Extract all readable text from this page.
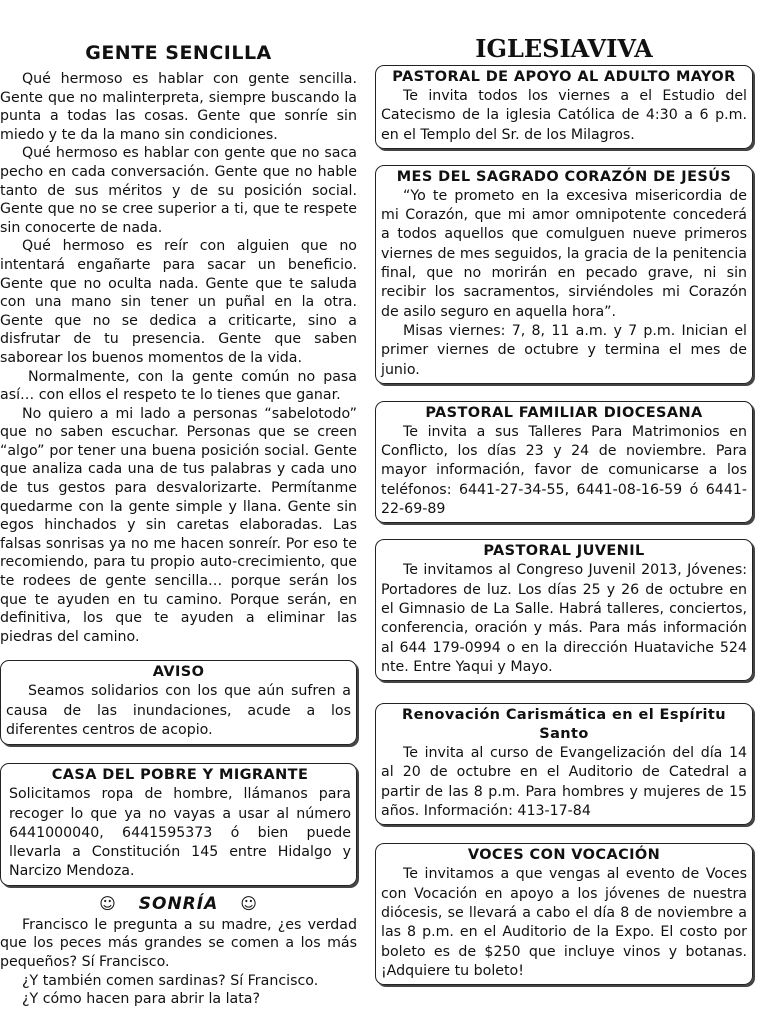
GENTE SENCILLA

Qué hermoso es hablar con gente sencilla. Gente que no malinterpreta, siempre buscando la punta a todas las cosas. Gente que sonríe sin miedo y te da la mano sin condiciones.

Qué hermoso es hablar con gente que no saca pecho en cada conversación. Gente que no hable tanto de sus méritos y de su posición social. Gente que no se cree superior a ti, que te respete sin conocerte de nada.

Qué hermoso es reír con alguien que no intentará engañarte para sacar un beneficio. Gente que no oculta nada. Gente que te saluda con una mano sin tener un puñal en la otra. Gente que no se dedica a criticarte, sino a disfrutar de tu presencia. Gente que saben saborear los buenos momentos de la vida.

Normalmente, con la gente común no pasa así… con ellos el respeto te lo tienes que ganar.

No quiero a mi lado a personas “sabelotodo” que no saben escuchar. Personas que se creen “algo” por tener una buena posición social. Gente que analiza cada una de tus palabras y cada uno de tus gestos para desvalorizarte. Permítanme quedarme con la gente simple y llana. Gente sin egos hinchados y sin caretas elaboradas. Las falsas sonrisas ya no me hacen sonreír. Por eso te recomiendo, para tu propio auto-crecimiento, que te rodees de gente sencilla… porque serán los que te ayuden en tu camino. Porque serán, en definitiva, los que te ayuden a eliminar las piedras del camino.

AVISO

Seamos solidarios con los que aún sufren a causa de las inundaciones, acude a los diferentes centros de acopio.

CASA DEL POBRE Y MIGRANTE

Solicitamos ropa de hombre, llámanos para recoger lo que ya no vayas a usar al número 6441000040, 6441595373 ó bien puede llevarla a Constitución 145 entre Hidalgo y Narcizo Mendoza.

☺ SONRÍA ☺

Francisco le pregunta a su madre, ¿es verdad que los peces más grandes se comen a los más pequeños? Sí Francisco.

¿Y también comen sardinas? Sí Francisco.

¿Y cómo hacen para abrir la lata?

IGLESIAVIVA
PASTORAL DE APOYO AL ADULTO MAYOR

Te invita todos los viernes a el Estudio del Catecismo de la iglesia Católica de 4:30 a 6 p.m. en el Templo del Sr. de los Milagros.

MES DEL SAGRADO CORAZÓN DE JESÚS

“Yo te prometo en la excesiva misericordia de mi Corazón, que mi amor omnipotente concederá a todos aquellos que comulguen nueve primeros viernes de mes seguidos, la gracia de la penitencia final, que no morirán en pecado grave, ni sin recibir los sacramentos, sirviéndoles mi Corazón de asilo seguro en aquella hora”.

Misas viernes: 7, 8, 11 a.m. y 7 p.m. Inician el primer viernes de octubre y termina el mes de junio.

PASTORAL FAMILIAR DIOCESANA

Te invita a sus Talleres Para Matrimonios en Conflicto, los días 23 y 24 de noviembre. Para mayor información, favor de comunicarse a los teléfonos: 6441-27-34-55, 6441-08-16-59 ó 6441-22-69-89

PASTORAL JUVENIL

Te invitamos al Congreso Juvenil 2013, Jóvenes: Portadores de luz. Los días 25 y 26 de octubre en el Gimnasio de La Salle. Habrá talleres, conciertos, conferencia, oración y más. Para más información al 644 179-0994 o en la dirección Huataviche 524 nte. Entre Yaqui y Mayo.

Renovación Carismática en el Espíritu Santo

Te invita al curso de Evangelización del día 14 al 20 de octubre en el Auditorio de Catedral a partir de las 8 p.m. Para hombres y mujeres de 15 años. Información: 413-17-84

VOCES CON VOCACIÓN

Te invitamos a que vengas al evento de Voces con Vocación en apoyo a los jóvenes de nuestra diócesis, se llevará a cabo el día 8 de noviembre a las 8 p.m. en el Auditorio de la Expo. El costo por boleto es de $250 que incluye vinos y botanas. ¡Adquiere tu boleto!
